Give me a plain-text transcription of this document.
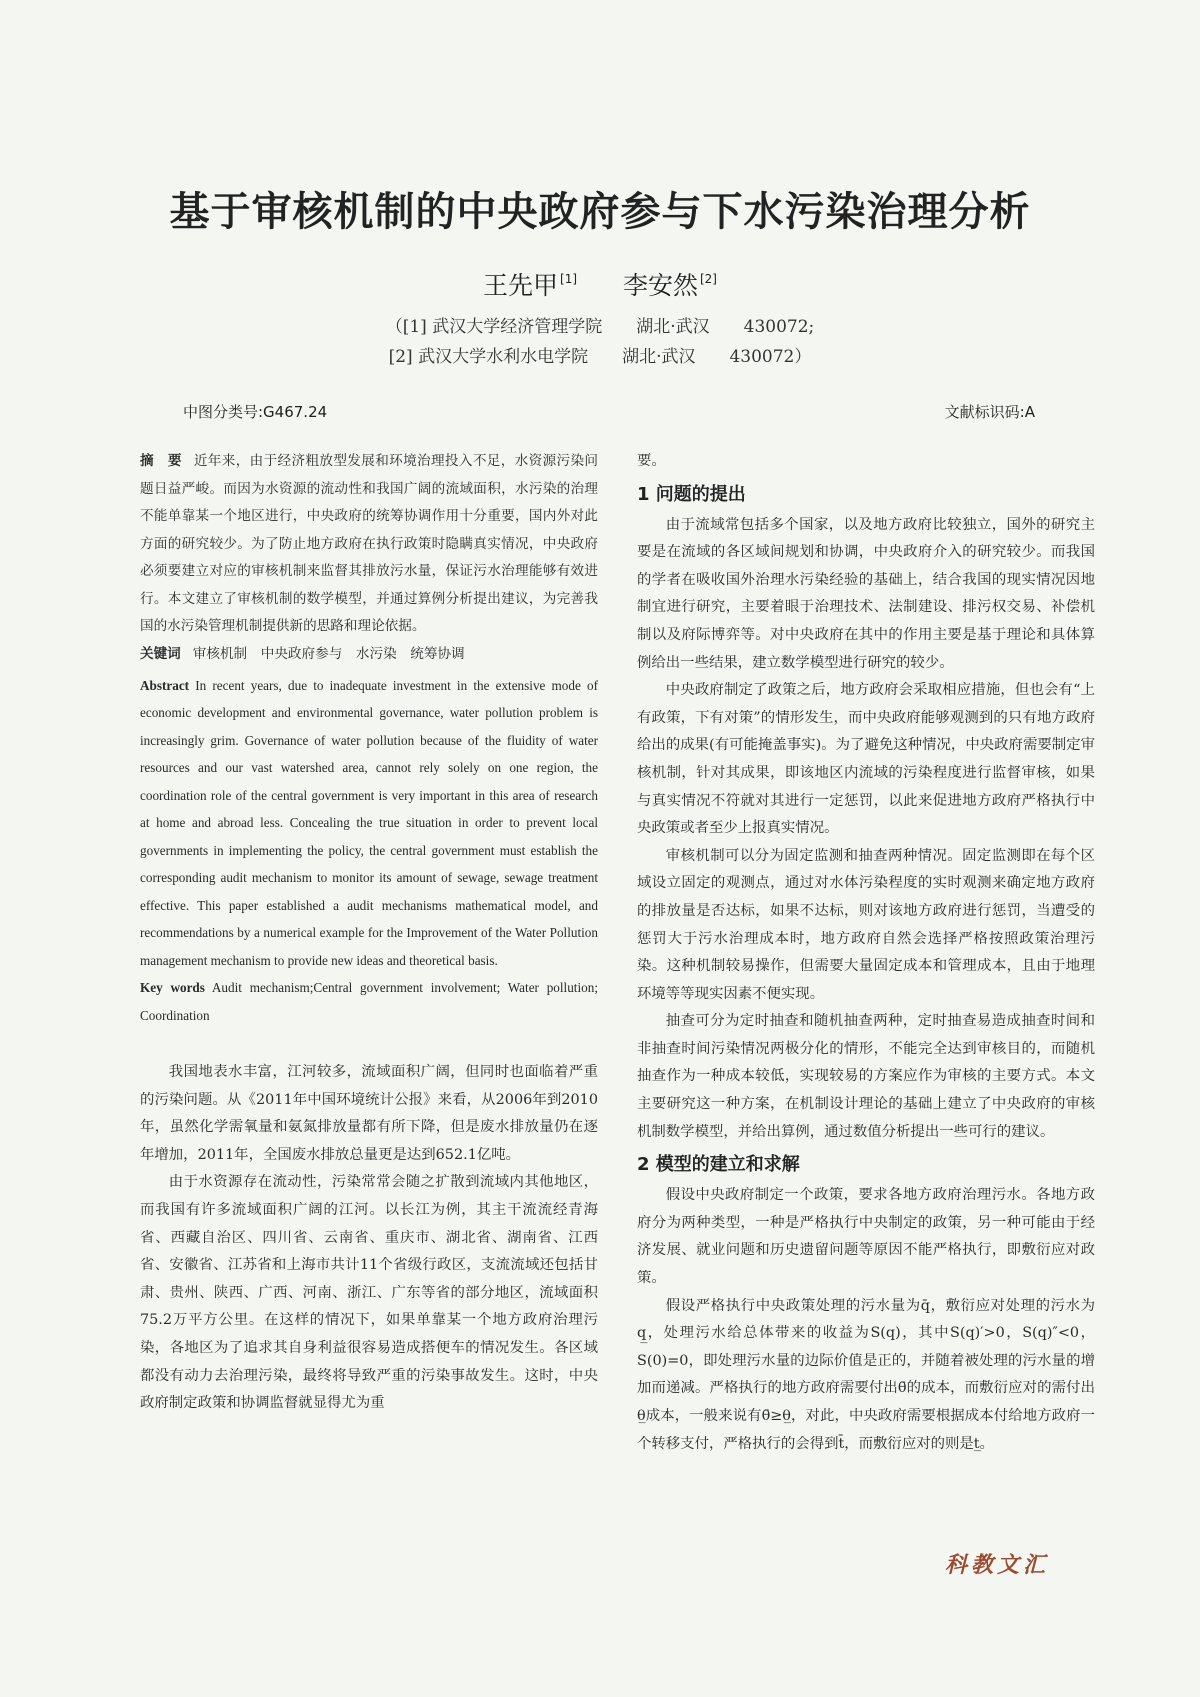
基于审核机制的中央政府参与下水污染治理分析
王先甲 [1] 李安然 [2]
（[1] 武汉大学经济管理学院　　湖北·武汉　　430072;
[2] 武汉大学水利水电学院　　湖北·武汉　　430072）
中图分类号:G467.24	文献标识码:A

摘　要 近年来，由于经济粗放型发展和环境治理投入不足，水资源污染问题日益严峻。而因为水资源的流动性和我国广阔的流域面积，水污染的治理不能单靠某一个地区进行，中央政府的统筹协调作用十分重要，国内外对此方面的研究较少。为了防止地方政府在执行政策时隐瞒真实情况，中央政府必须要建立对应的审核机制来监督其排放污水量，保证污水治理能够有效进行。本文建立了审核机制的数学模型，并通过算例分析提出建议，为完善我国的水污染管理机制提供新的思路和理论依据。

关键词 审核机制　中央政府参与　水污染　统筹协调

Abstract In recent years, due to inadequate investment in the extensive mode of economic development and environmental governance, water pollution problem is increasingly grim. Governance of water pollution because of the fluidity of water resources and our vast watershed area, cannot rely solely on one region, the coordination role of the central government is very important in this area of research at home and abroad less. Concealing the true situation in order to prevent local governments in implementing the policy, the central government must establish the corresponding audit mechanism to monitor its amount of sewage, sewage treatment effective. This paper established a audit mechanisms mathematical model, and recommendations by a numerical example for the Improvement of the Water Pollution management mechanism to provide new ideas and theoretical basis.

Key words Audit mechanism;Central government involvement; Water pollution; Coordination

我国地表水丰富，江河较多，流域面积广阔，但同时也面临着严重的污染问题。从《2011年中国环境统计公报》来看，从2006年到2010年，虽然化学需氧量和氨氮排放量都有所下降，但是废水排放量仍在逐年增加，2011年，全国废水排放总量更是达到652.1亿吨。

由于水资源存在流动性，污染常常会随之扩散到流域内其他地区，而我国有许多流域面积广阔的江河。以长江为例，其主干流流经青海省、西藏自治区、四川省、云南省、重庆市、湖北省、湖南省、江西省、安徽省、江苏省和上海市共计11个省级行政区，支流流域还包括甘肃、贵州、陕西、广西、河南、浙江、广东等省的部分地区，流域面积75.2万平方公里。在这样的情况下，如果单靠某一个地方政府治理污染，各地区为了追求其自身利益很容易造成搭便车的情况发生。各区域都没有动力去治理污染，最终将导致严重的污染事故发生。这时，中央政府制定政策和协调监督就显得尤为重

要。

1 问题的提出

由于流域常包括多个国家，以及地方政府比较独立，国外的研究主要是在流域的各区域间规划和协调，中央政府介入的研究较少。而我国的学者在吸收国外治理水污染经验的基础上，结合我国的现实情况因地制宜进行研究，主要着眼于治理技术、法制建设、排污权交易、补偿机制以及府际博弈等。对中央政府在其中的作用主要是基于理论和具体算例给出一些结果，建立数学模型进行研究的较少。

中央政府制定了政策之后，地方政府会采取相应措施，但也会有“上有政策，下有对策”的情形发生，而中央政府能够观测到的只有地方政府给出的成果(有可能掩盖事实)。为了避免这种情况，中央政府需要制定审核机制，针对其成果，即该地区内流域的污染程度进行监督审核，如果与真实情况不符就对其进行一定惩罚，以此来促进地方政府严格执行中央政策或者至少上报真实情况。

审核机制可以分为固定监测和抽查两种情况。固定监测即在每个区域设立固定的观测点，通过对水体污染程度的实时观测来确定地方政府的排放量是否达标，如果不达标，则对该地方政府进行惩罚，当遭受的惩罚大于污水治理成本时，地方政府自然会选择严格按照政策治理污染。这种机制较易操作，但需要大量固定成本和管理成本，且由于地理环境等等现实因素不便实现。

抽查可分为定时抽查和随机抽查两种，定时抽查易造成抽查时间和非抽查时间污染情况两极分化的情形，不能完全达到审核目的，而随机抽查作为一种成本较低，实现较易的方案应作为审核的主要方式。本文主要研究这一种方案，在机制设计理论的基础上建立了中央政府的审核机制数学模型，并给出算例，通过数值分析提出一些可行的建议。

2 模型的建立和求解

假设中央政府制定一个政策，要求各地方政府治理污水。各地方政府分为两种类型，一种是严格执行中央制定的政策，另一种可能由于经济发展、就业问题和历史遗留问题等原因不能严格执行，即敷衍应对政策。

假设严格执行中央政策处理的污水量为q̄，敷衍应对处理的污水为q̲，处理污水给总体带来的收益为S(q)，其中S(q)′>0，S(q)″<0，S(0)=0，即处理污水量的边际价值是正的，并随着被处理的污水量的增加而递减。严格执行的地方政府需要付出θ̄的成本，而敷衍应对的需付出θ̲成本，一般来说有θ̄≥θ̲，对此，中央政府需要根据成本付给地方政府一个转移支付，严格执行的会得到t̄，而敷衍应对的则是t̲。

科教文汇
